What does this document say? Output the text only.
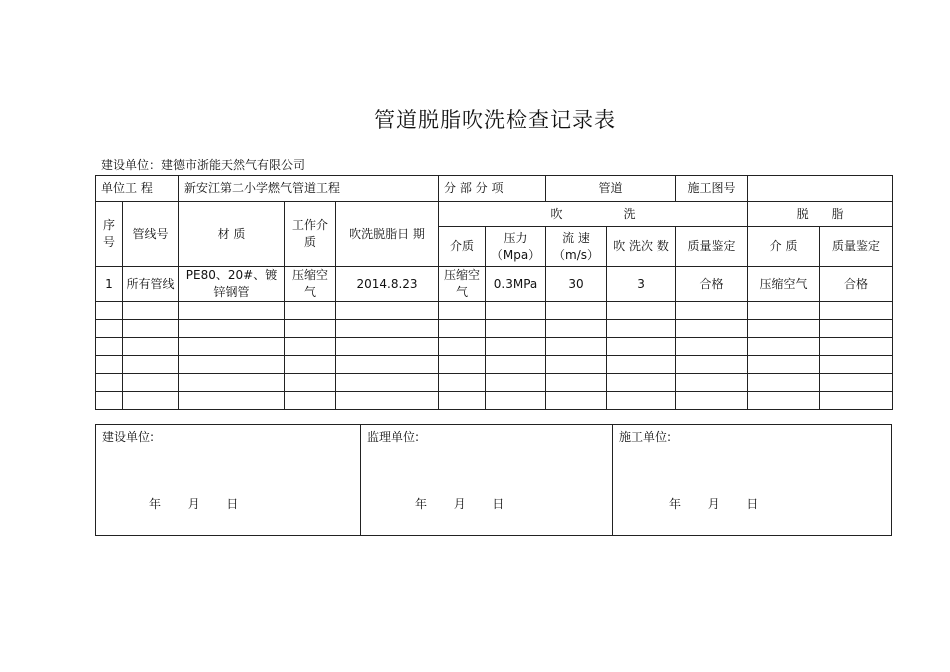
管道脱脂吹洗检查记录表
建设单位：建德市浙能天然气有限公司
单位工 程		新安江第二小学燃气管道工程			分 部 分 项		管道		施工图号		
序号	管线号	材 质	工作介质	吹洗脱脂日 期	吹                洗					脱      脂	
					介质	压力（Mpa）	流 速（m/s）	吹 洗次 数	质量鉴定	介 质	质量鉴定
1	所有管线	PE80、20#、镀锌钢管	压缩空气	2014.8.23	压缩空气	0.3MPa	30	3	合格	压缩空气	合格

建设单位:
年       月       日
监理单位:
年       月       日
施工单位:
年       月       日
